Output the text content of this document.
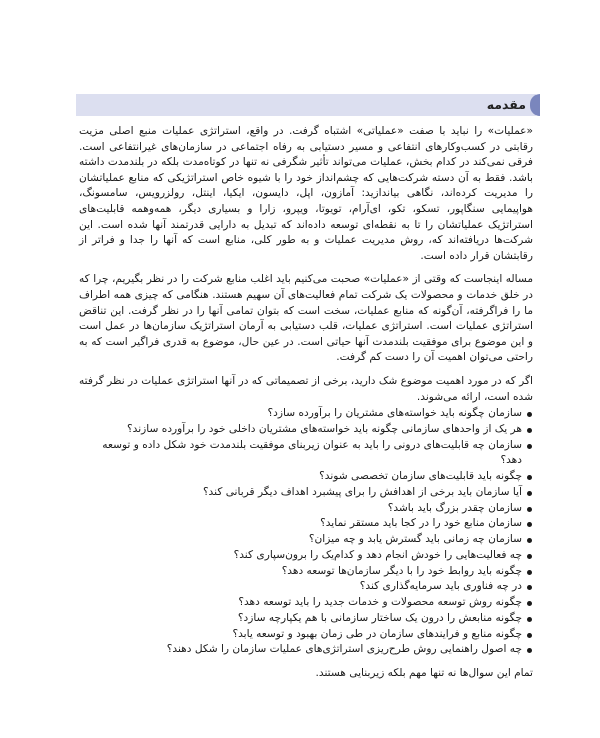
مقدمه

«عملیات» را نباید با صفت «عملیاتی» اشتباه گرفت. در واقع، استراتژی عملیات منبع اصلی مزیت رقابتی در کسب‌وکارهای انتفاعی و مسیر دستیابی به رفاه اجتماعی در سازمان‌های غیرانتفاعی است. فرقی نمی‌کند در کدام بخش، عملیات می‌تواند تأثیر شگرفی نه تنها در کوتاه‌مدت بلکه در بلندمدت داشته باشد. فقط به آن دسته شرکت‌هایی که چشم‌انداز خود را با شیوه خاص استراتژیکی که منابع عملیاتشان را مدیریت کرده‌اند، نگاهی بیاندازید: آمازون، اپل، دایسون، ایکیا، اینتل، رولزرویس، سامسونگ، هواپیمایی سنگاپور، تسکو، تکو، ای‌آرام، تویوتا، ویپرو، زارا و بسیاری دیگر، همه‌وهمه قابلیت‌های استراتژیک عملیاتشان را تا به نقطه‌ای توسعه داده‌اند که تبدیل به دارایی قدرتمند آنها شده است. این شرکت‌ها دریافته‌اند که، روش مدیریت عملیات و به طور کلی، منابع است که آنها را جدا و فراتر از رقابتشان قرار داده است.

مساله اینجاست که وقتی از «عملیات» صحبت می‌کنیم باید اغلب منابع شرکت را در نظر بگیریم، چرا که در خلق خدمات و محصولات یک شرکت تمام فعالیت‌های آن سهیم هستند. هنگامی که چیزی همه اطراف ما را فراگرفته، آن‌گونه که منابع عملیات، سخت است که بتوان تمامی آنها را در نظر گرفت. این تناقض استراتژی عملیات است. استراتژی عملیات، قلب دستیابی به آرمان استراتژیک سازمان‌ها در عمل است و این موضوع برای موفقیت بلندمدت آنها حیاتی است. در عین حال، موضوع به قدری فراگیر است که به راحتی می‌توان اهمیت آن را دست کم گرفت.

اگر که در مورد اهمیت موضوع شک دارید، برخی از تصمیماتی که در آنها استراتژی عملیات در نظر گرفته شده است، ارائه می‌شوند.

سازمان چگونه باید خواسته‌های مشتریان را برآورده سازد؟
هر یک از واحدهای سازمانی چگونه باید خواسته‌های مشتریان داخلی خود را برآورده سازند؟
سازمان چه قابلیت‌های درونی را باید به عنوان زیربنای موفقیت بلندمدت خود شکل داده و توسعه دهد؟
چگونه باید قابلیت‌های سازمان تخصصی شوند؟
آیا سازمان باید برخی از اهدافش را برای پیشبرد اهداف دیگر قربانی کند؟
سازمان چقدر بزرگ باید باشد؟
سازمان منابع خود را در کجا باید مستقر نماید؟
سازمان چه زمانی باید گسترش یابد و چه میزان؟
چه فعالیت‌هایی را خودش انجام دهد و کدام‌یک را برون‌سپاری کند؟
چگونه باید روابط خود را با دیگر سازمان‌ها توسعه دهد؟
در چه فناوری باید سرمایه‌گذاری کند؟
چگونه روش توسعه محصولات و خدمات جدید را باید توسعه دهد؟
چگونه منابعش را درون یک ساختار سازمانی با هم یکپارچه سازد؟
چگونه منابع و فرایندهای سازمان در طی زمان بهبود و توسعه یابد؟
چه اصول راهنمایی روش طرح‌ریزی استراتژی‌های عملیات سازمان را شکل دهند؟

تمام این سوال‌ها نه تنها مهم بلکه زیربنایی هستند.
